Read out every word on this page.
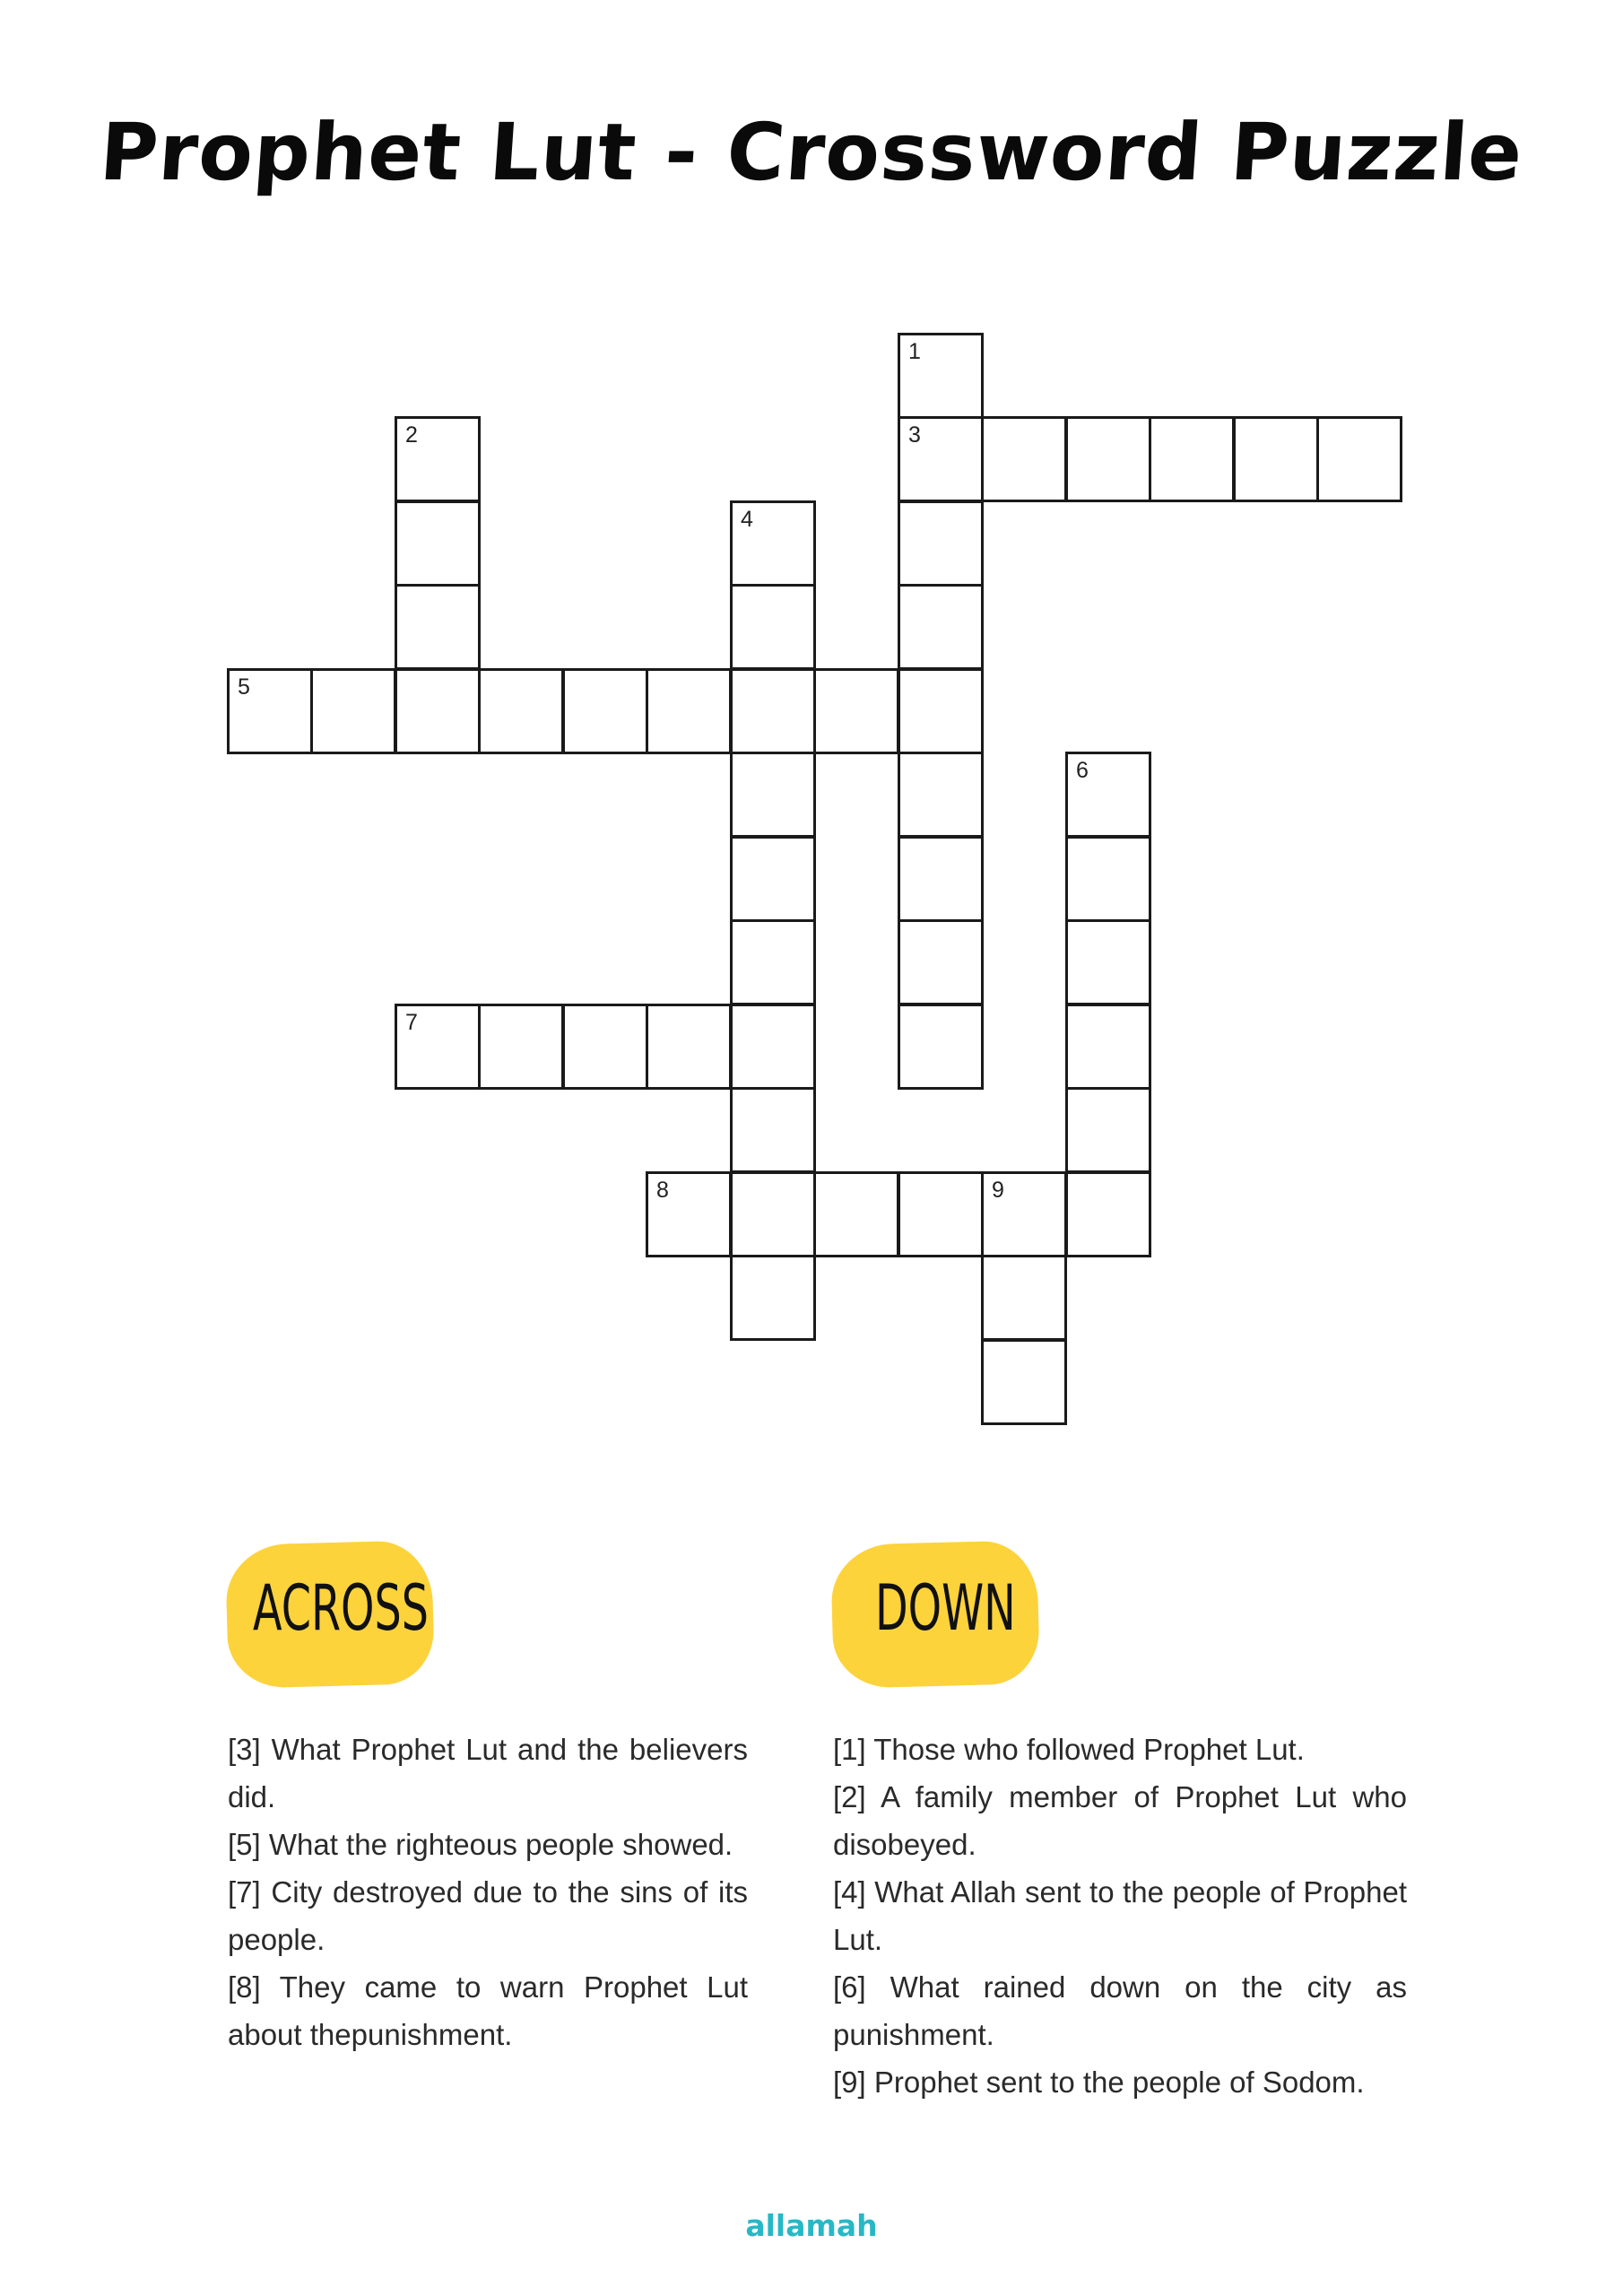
Prophet Lut - Crossword Puzzle
1
3
2
4
5
6
7
8	9
ACROSS	DOWN
[3] What Prophet Lut and the believers did.
[5] What the righteous people showed.
[7] City destroyed due to the sins of its people.
[8] They came to warn Prophet Lut about thepunishment.
[1] Those who followed Prophet Lut.
[2] A family member of Prophet Lut who disobeyed.
[4] What Allah sent to the people of Prophet Lut.
[6] What rained down on the city as punishment.
[9] Prophet sent to the people of Sodom.
allamah
